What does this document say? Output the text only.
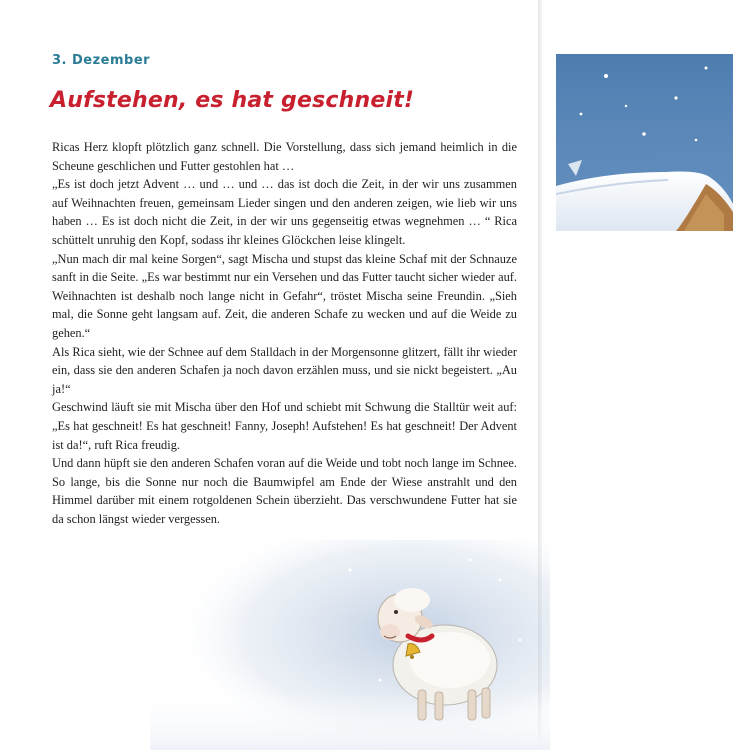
3. Dezember
Aufstehen, es hat geschneit!

Ricas Herz klopft plötzlich ganz schnell. Die Vorstellung, dass sich jemand heimlich in die Scheune geschlichen und Futter gestohlen hat …

„Es ist doch jetzt Advent … und … und … das ist doch die Zeit, in der wir uns zusammen auf Weihnachten freuen, gemeinsam Lieder singen und den anderen zeigen, wie lieb wir uns haben … Es ist doch nicht die Zeit, in der wir uns gegenseitig etwas wegnehmen … “ Rica schüttelt unruhig den Kopf, sodass ihr kleines Glöckchen leise klingelt.

„Nun mach dir mal keine Sorgen“, sagt Mischa und stupst das kleine Schaf mit der Schnauze sanft in die Seite. „Es war bestimmt nur ein Versehen und das Futter taucht sicher wieder auf. Weihnachten ist deshalb noch lange nicht in Gefahr“, tröstet Mischa seine Freundin. „Sieh mal, die Sonne geht langsam auf. Zeit, die anderen Schafe zu wecken und auf die Weide zu gehen.“

Als Rica sieht, wie der Schnee auf dem Stalldach in der Morgensonne glitzert, fällt ihr wieder ein, dass sie den anderen Schafen ja noch davon erzählen muss, und sie nickt begeistert. „Au ja!“

Geschwind läuft sie mit Mischa über den Hof und schiebt mit Schwung die Stalltür weit auf: „Es hat geschneit! Es hat geschneit! Fanny, Joseph! Aufstehen! Es hat geschneit! Der Advent ist da!“, ruft Rica freudig.

Und dann hüpft sie den anderen Schafen voran auf die Weide und tobt noch lange im Schnee. So lange, bis die Sonne nur noch die Baumwipfel am Ende der Wiese anstrahlt und den Himmel darüber mit einem rotgoldenen Schein überzieht. Das verschwundene Futter hat sie da schon längst wieder vergessen.
